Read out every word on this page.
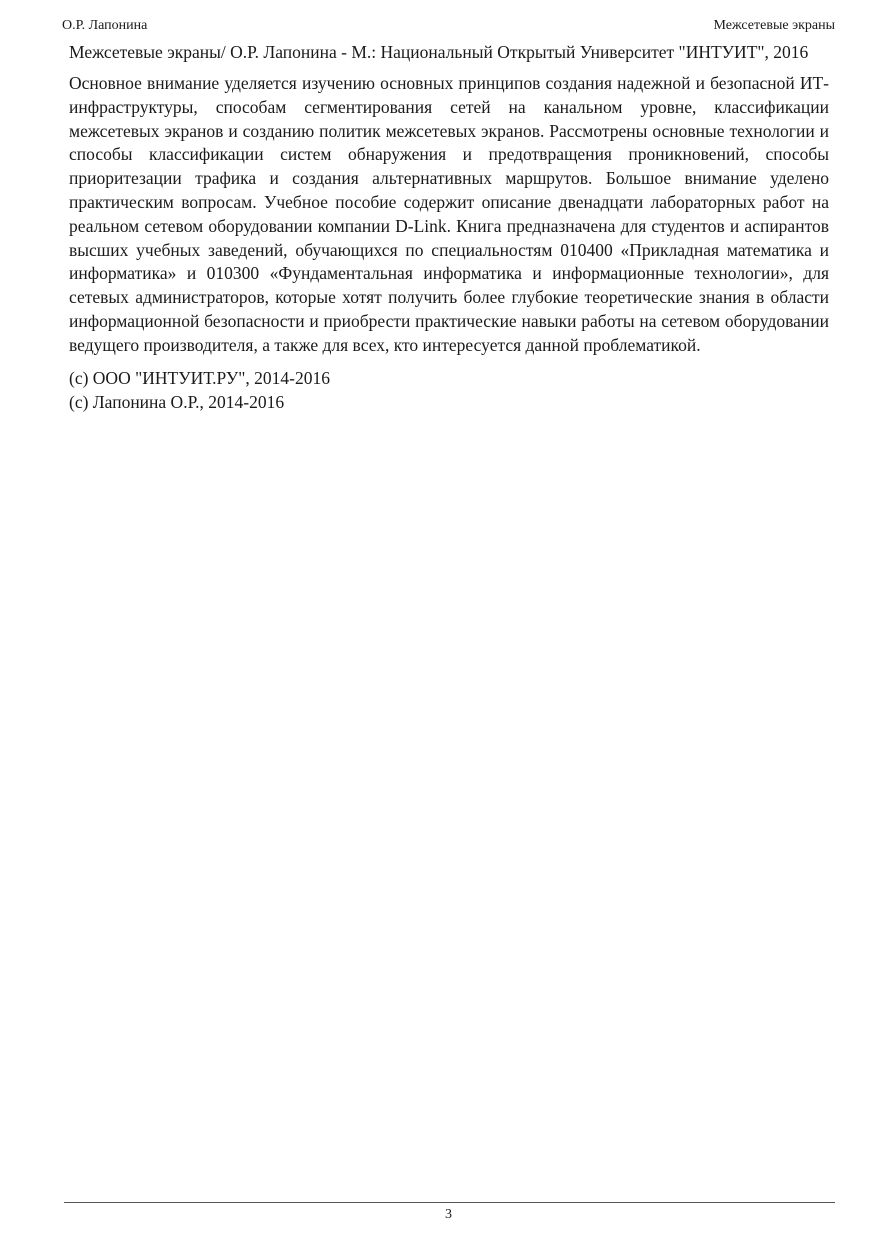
О.Р. Лапонина	Межсетевые экраны

Межсетевые экраны/ О.Р. Лапонина - М.: Национальный Открытый Университет "ИНТУИТ", 2016

Основное внимание уделяется изучению основных принципов создания надежной и безопасной ИТ-инфраструктуры, способам сегментирования сетей на канальном уровне, классификации межсетевых экранов и созданию политик межсетевых экранов. Рассмотрены основные технологии и способы классификации систем обнаружения и предотвращения проникновений, способы приоритезации трафика и создания альтернативных маршрутов. Большое внимание уделено практическим вопросам. Учебное пособие содержит описание двенадцати лабораторных работ на реальном сетевом оборудовании компании D-Link. Книга предназначена для студентов и аспирантов высших учебных заведений, обучающихся по специальностям 010400 «Прикладная математика и информатика» и 010300 «Фундаментальная информатика и информационные технологии», для сетевых администраторов, которые хотят получить более глубокие теоретические знания в области информационной безопасности и приобрести практические навыки работы на сетевом оборудовании ведущего производителя, а также для всех, кто интересуется данной проблематикой.

(c) ООО "ИНТУИТ.РУ", 2014-2016

(c) Лапонина О.Р., 2014-2016

3
